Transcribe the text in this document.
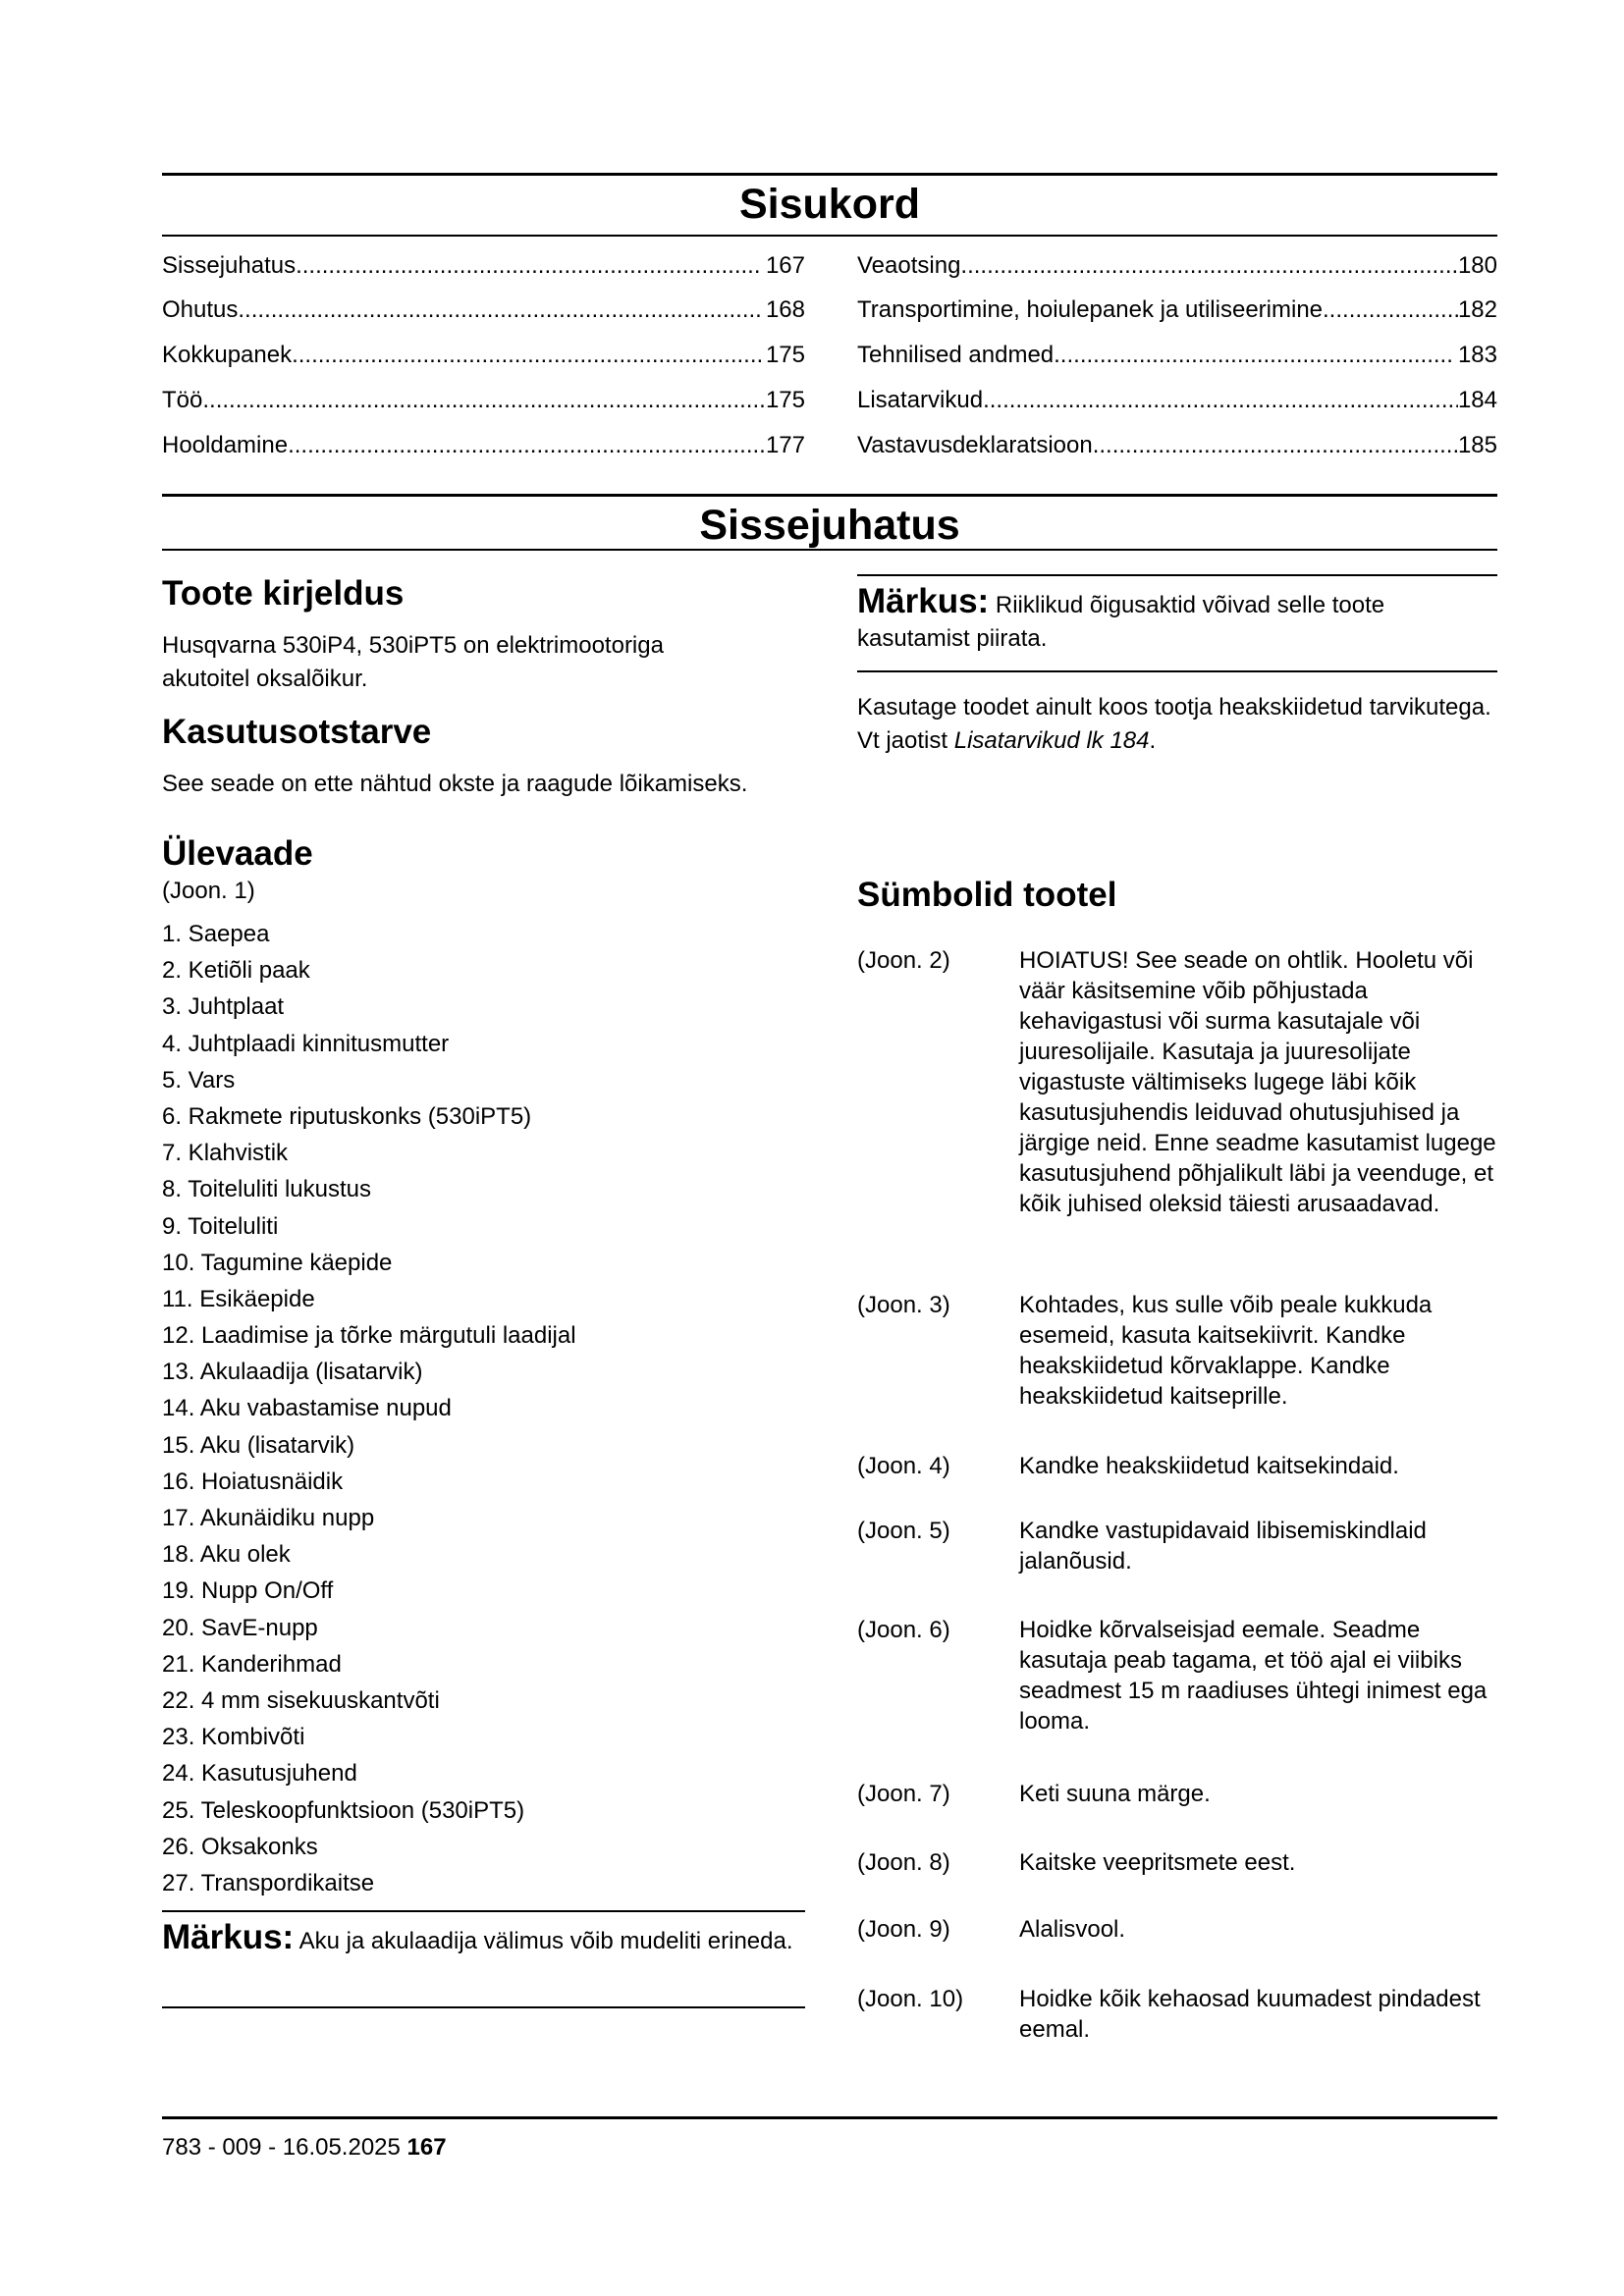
Sisukord
Sissejuhatus .....	167
Ohutus .....	168
Kokkupanek .....	175
Töö .....	175
Hooldamine .....	177
Veaotsing .....	180
Transportimine, hoiulepanek ja utiliseerimine .....	182
Tehnilised andmed .....	183
Lisatarvikud .....	184
Vastavusdeklaratsioon .....	185
Sissejuhatus
Toote kirjeldus
Husqvarna 530iP4, 530iPT5 on elektrimootoriga akutoitel oksalõikur.
Kasutusotstarve
See seade on ette nähtud okste ja raagude lõikamiseks.
Ülevaade
(Joon. 1)
1. Saepea
2. Ketiõli paak
3. Juhtplaat
4. Juhtplaadi kinnitusmutter
5. Vars
6. Rakmete riputuskonks (530iPT5)
7. Klahvistik
8. Toiteluliti lukustus
9. Toiteluliti
10. Tagumine käepide
11. Esikäepide
12. Laadimise ja tõrke märgutuli laadijal
13. Akulaadija (lisatarvik)
14. Aku vabastamise nupud
15. Aku (lisatarvik)
16. Hoiatusnäidik
17. Akunäidiku nupp
18. Aku olek
19. Nupp On/Off
20. SavE-nupp
21. Kanderihmad
22. 4 mm sisekuuskantvõti
23. Kombivõti
24. Kasutusjuhend
25. Teleskoopfunktsioon (530iPT5)
26. Oksakonks
27. Transpordikaitse
Märkus: Aku ja akulaadija välimus võib mudeliti erineda.
Märkus: Riiklikud õigusaktid võivad selle toote kasutamist piirata.
Kasutage toodet ainult koos tootja heakskiidetud tarvikutega. Vt jaotist Lisatarvikud lk 184.
Sümbolid tootel
(Joon. 2)	HOIATUS! See seade on ohtlik. Hooletu või väär käsitsemine võib põhjustada kehavigastusi või surma kasutajale või juuresolijaile. Kasutaja ja juuresolijate vigastuste vältimiseks lugege läbi kõik kasutusjuhendis leiduvad ohutusjuhised ja järgige neid. Enne seadme kasutamist lugege kasutusjuhend põhjalikult läbi ja veenduge, et kõik juhised oleksid täiesti arusaadavad.
(Joon. 3)	Kohtades, kus sulle võib peale kukkuda esemeid, kasuta kaitsekiivrit. Kandke heakskiidetud kõrvaklappe. Kandke heakskiidetud kaitseprille.
(Joon. 4)	Kandke heakskiidetud kaitsekindaid.
(Joon. 5)	Kandke vastupidavaid libisemiskindlaid jalanõusid.
(Joon. 6)	Hoidke kõrvalseisjad eemale. Seadme kasutaja peab tagama, et töö ajal ei viibiks seadmest 15 m raadiuses ühtegi inimest ega looma.
(Joon. 7)	Keti suuna märge.
(Joon. 8)	Kaitske veepritsmete eest.
(Joon. 9)	Alalisvool.
(Joon. 10)	Hoidke kõik kehaosad kuumadest pindadest eemal.
783 - 009 - 16.05.2025 167
